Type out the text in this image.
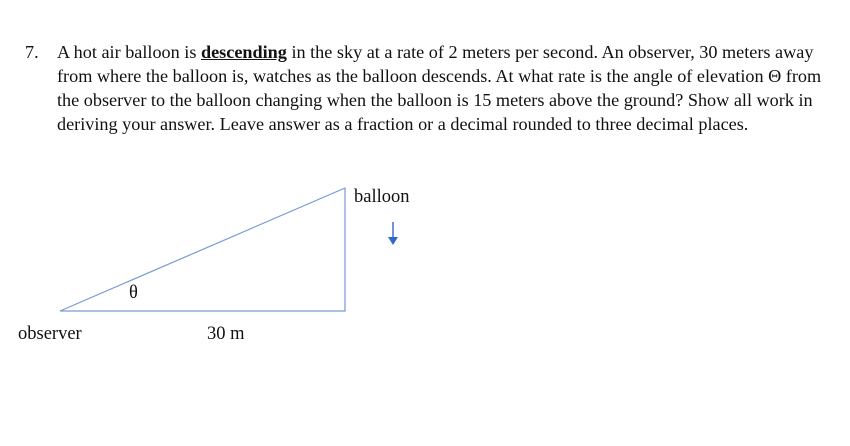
7. A hot air balloon is descending in the sky at a rate of 2 meters per second. An observer, 30 meters away from where the balloon is, watches as the balloon descends. At what rate is the angle of elevation Θ from the observer to the balloon changing when the balloon is 15 meters above the ground? Show all work in deriving your answer. Leave answer as a fraction or a decimal rounded to three decimal places.
balloon
θ
observer	30 m
